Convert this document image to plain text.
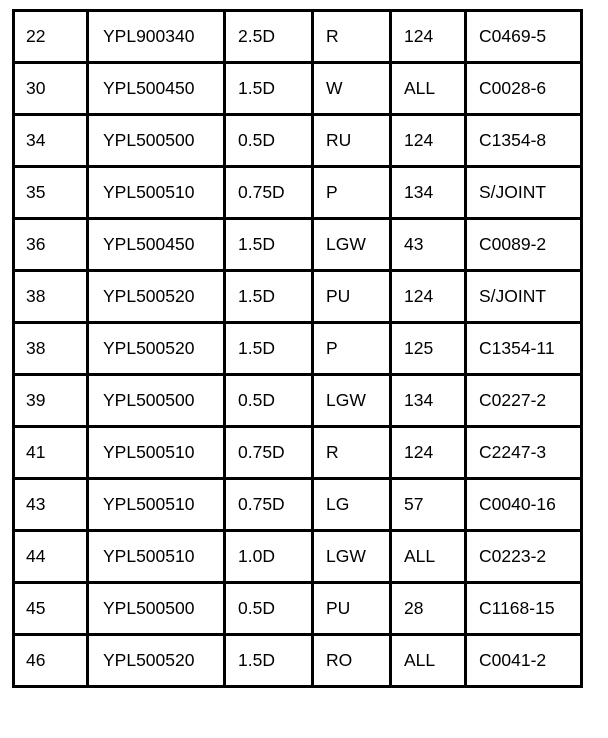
22	YPL900340	2.5D	R	124	C0469-5
30	YPL500450	1.5D	W	ALL	C0028-6
34	YPL500500	0.5D	RU	124	C1354-8
35	YPL500510	0.75D	P	134	S/JOINT
36	YPL500450	1.5D	LGW	43	C0089-2
38	YPL500520	1.5D	PU	124	S/JOINT
38	YPL500520	1.5D	P	125	C1354-11
39	YPL500500	0.5D	LGW	134	C0227-2
41	YPL500510	0.75D	R	124	C2247-3
43	YPL500510	0.75D	LG	57	C0040-16
44	YPL500510	1.0D	LGW	ALL	C0223-2
45	YPL500500	0.5D	PU	28	C1168-15
46	YPL500520	1.5D	RO	ALL	C0041-2
